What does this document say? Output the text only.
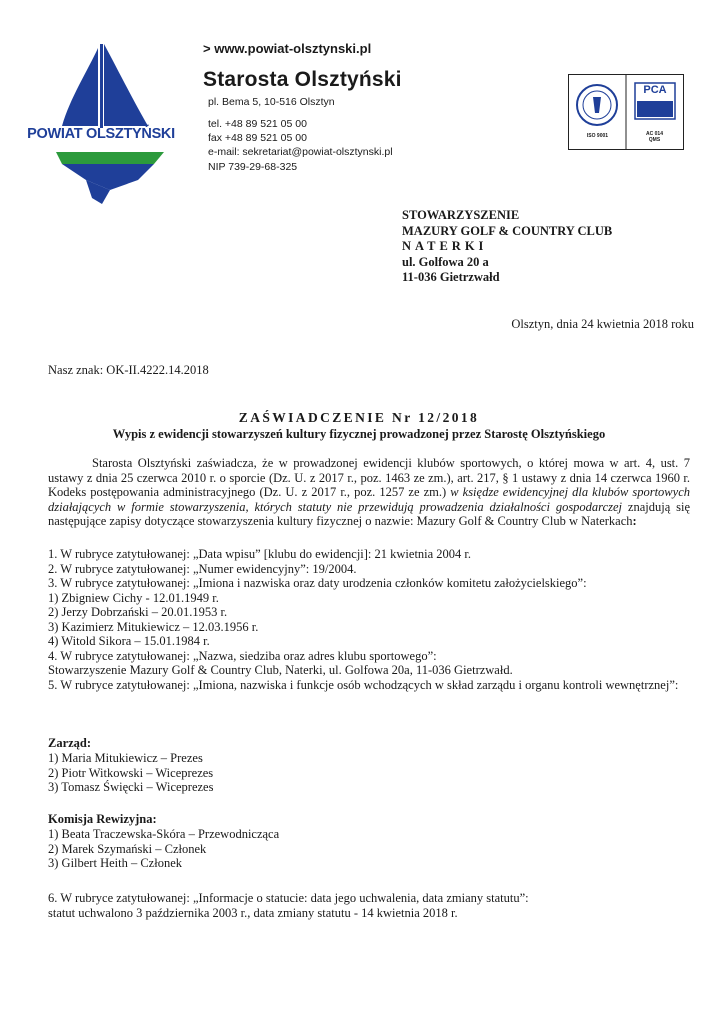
POWIAT OLSZTYŃSKI
> www.powiat-olsztynski.pl
Starosta Olsztyński
pl. Bema 5, 10-516 Olsztyn
tel. +48 89 521 05 00
fax +48 89 521 05 00
e-mail: sekretariat@powiat-olsztynski.pl
NIP 739-29-68-325
ISO 9001
PCA
AC 014
QMS
STOWARZYSZENIE
MAZURY GOLF & COUNTRY CLUB
NATERKI
ul. Golfowa 20 a
11-036 Gietrzwałd
Olsztyn, dnia 24 kwietnia 2018 roku
Nasz znak: OK-II.4222.14.2018
ZAŚWIADCZENIE Nr 12/2018
Wypis z ewidencji stowarzyszeń kultury fizycznej prowadzonej przez Starostę Olsztyńskiego
Starosta Olsztyński zaświadcza, że w prowadzonej ewidencji klubów sportowych, o której mowa w art. 4, ust. 7 ustawy z dnia 25 czerwca 2010 r. o sporcie (Dz. U. z 2017 r., poz. 1463 ze zm.), art. 217, § 1 ustawy z dnia 14 czerwca 1960 r. Kodeks postępowania administracyjnego (Dz. U. z 2017 r., poz. 1257 ze zm.) w księdze ewidencyjnej dla klubów sportowych działających w formie stowarzyszenia, których statuty nie przewidują prowadzenia działalności gospodarczej znajdują się następujące zapisy dotyczące stowarzyszenia kultury fizycznej o nazwie: Mazury Golf & Country Club w Naterkach:
1. W rubryce zatytułowanej: „Data wpisu” [klubu do ewidencji]: 21 kwietnia 2004 r.
2. W rubryce zatytułowanej: „Numer ewidencyjny”: 19/2004.
3. W rubryce zatytułowanej: „Imiona i nazwiska oraz daty urodzenia członków komitetu założycielskiego”:
1) Zbigniew Cichy - 12.01.1949 r.
2) Jerzy Dobrzański – 20.01.1953 r.
3) Kazimierz Mitukiewicz – 12.03.1956 r.
4) Witold Sikora – 15.01.1984 r.
4. W rubryce zatytułowanej: „Nazwa, siedziba oraz adres klubu sportowego”:
Stowarzyszenie Mazury Golf & Country Club, Naterki, ul. Golfowa 20a, 11-036 Gietrzwałd.
5. W rubryce zatytułowanej: „Imiona, nazwiska i funkcje osób wchodzących w skład zarządu i organu kontroli wewnętrznej”:
Zarząd:
1) Maria Mitukiewicz – Prezes
2) Piotr Witkowski – Wiceprezes
3) Tomasz Święcki – Wiceprezes
Komisja Rewizyjna:
1) Beata Traczewska-Skóra – Przewodnicząca
2) Marek Szymański – Członek
3) Gilbert Heith – Członek
6. W rubryce zatytułowanej: „Informacje o statucie: data jego uchwalenia, data zmiany statutu”:
statut uchwalono 3 października 2003 r., data zmiany statutu - 14 kwietnia 2018 r.
